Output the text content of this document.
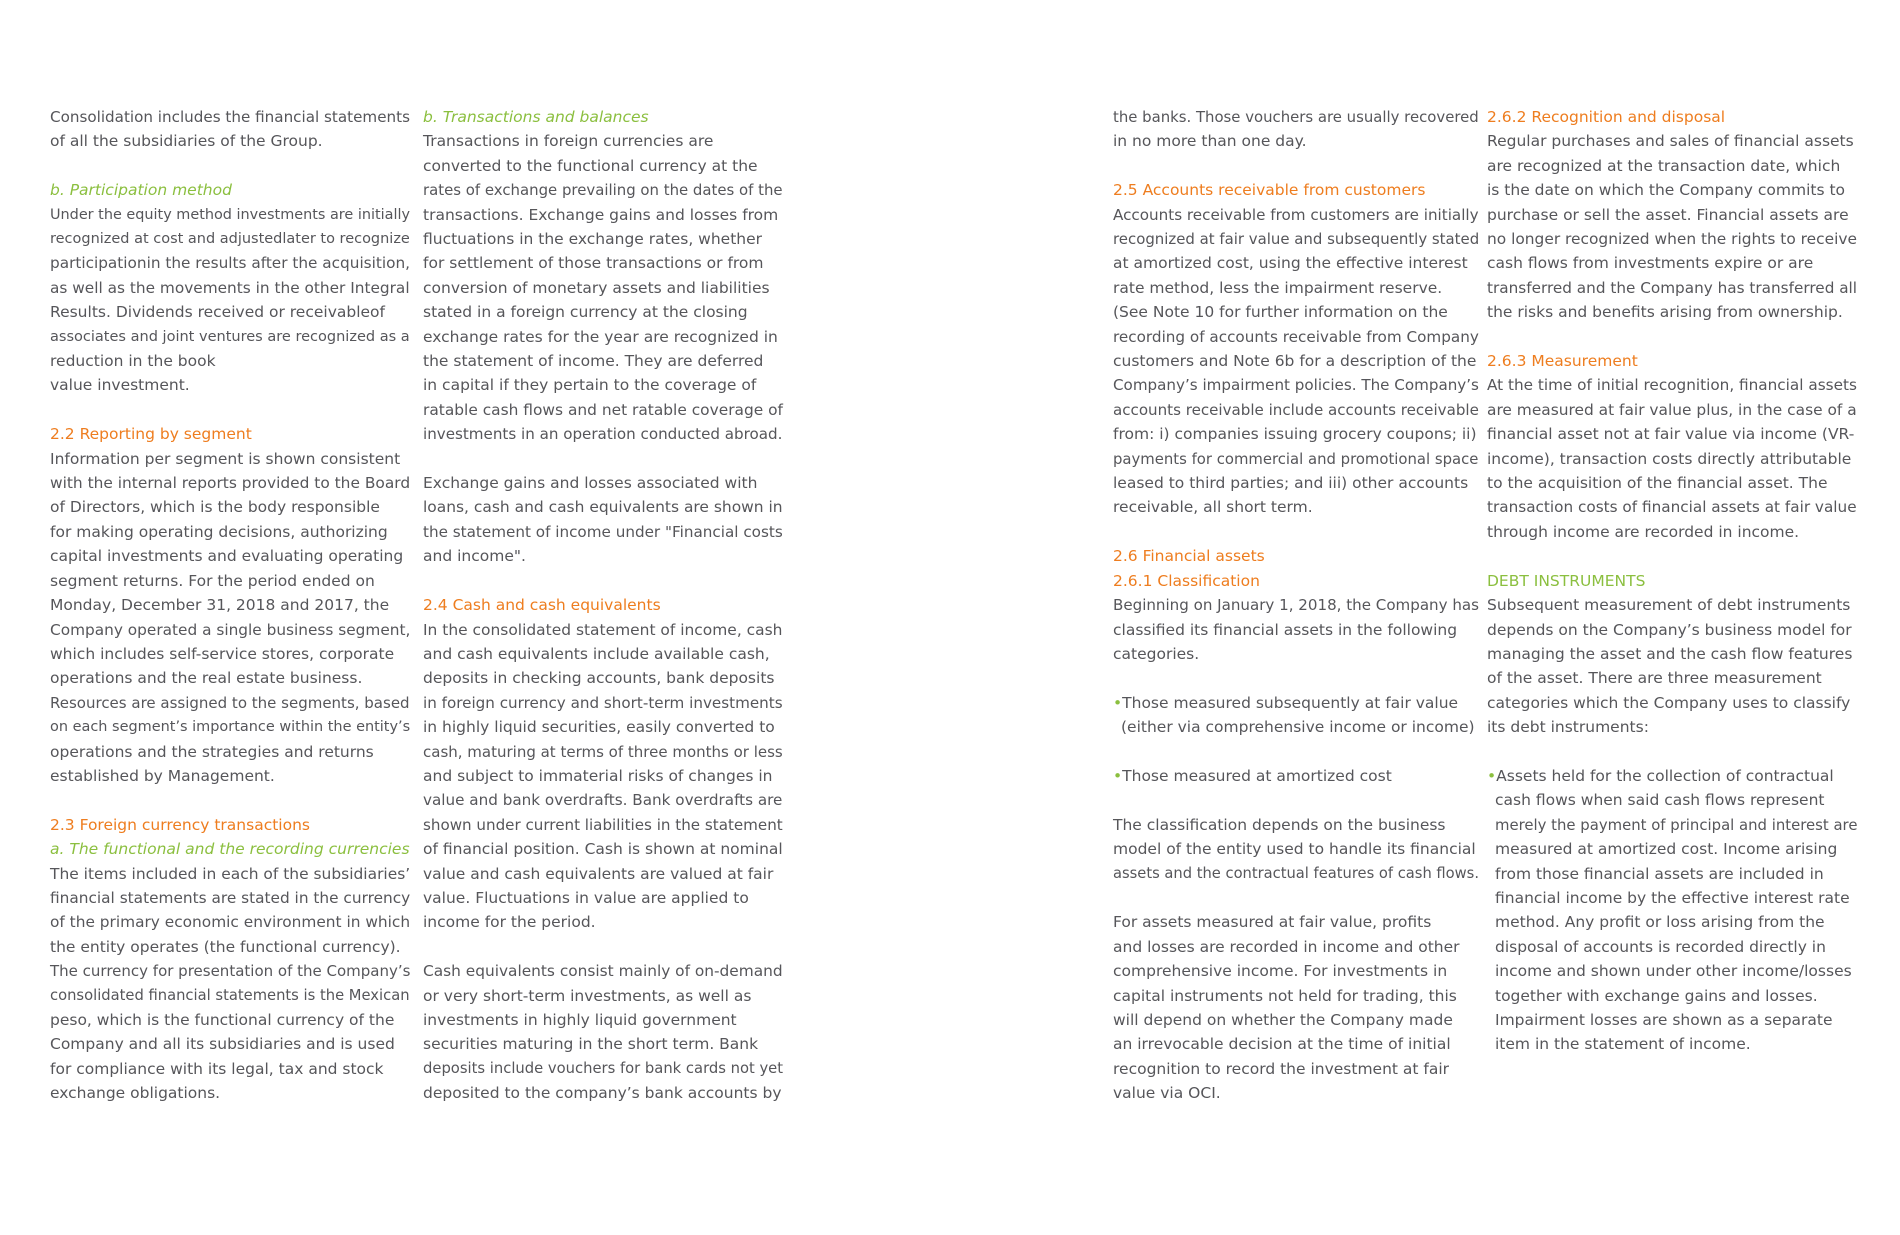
Consolidation includes the financial statements
of all the subsidiaries of the Group.
b. Participation method
Under the equity method investments are initially
recognized at cost and adjustedlater to recognize
participationin the results after the acquisition,
as well as the movements in the other Integral
Results. Dividends received or receivableof
associates and joint ventures are recognized as a
reduction in the book
value investment.
2.2 Reporting by segment
Information per segment is shown consistent
with the internal reports provided to the Board
of Directors, which is the body responsible
for making operating decisions, authorizing
capital investments and evaluating operating
segment returns. For the period ended on
Monday, December 31, 2018 and 2017, the
Company operated a single business segment,
which includes self-service stores, corporate
operations and the real estate business.
Resources are assigned to the segments, based
on each segment’s importance within the entity’s
operations and the strategies and returns
established by Management.
2.3 Foreign currency transactions
a. The functional and the recording currencies
The items included in each of the subsidiaries’
financial statements are stated in the currency
of the primary economic environment in which
the entity operates (the functional currency).
The currency for presentation of the Company’s
consolidated financial statements is the Mexican
peso, which is the functional currency of the
Company and all its subsidiaries and is used
for compliance with its legal, tax and stock
exchange obligations.
b. Transactions and balances
Transactions in foreign currencies are
converted to the functional currency at the
rates of exchange prevailing on the dates of the
transactions. Exchange gains and losses from
fluctuations in the exchange rates, whether
for settlement of those transactions or from
conversion of monetary assets and liabilities
stated in a foreign currency at the closing
exchange rates for the year are recognized in
the statement of income. They are deferred
in capital if they pertain to the coverage of
ratable cash flows and net ratable coverage of
investments in an operation conducted abroad.
Exchange gains and losses associated with
loans, cash and cash equivalents are shown in
the statement of income under "Financial costs
and income".
2.4 Cash and cash equivalents
In the consolidated statement of income, cash
and cash equivalents include available cash,
deposits in checking accounts, bank deposits
in foreign currency and short-term investments
in highly liquid securities, easily converted to
cash, maturing at terms of three months or less
and subject to immaterial risks of changes in
value and bank overdrafts. Bank overdrafts are
shown under current liabilities in the statement
of financial position. Cash is shown at nominal
value and cash equivalents are valued at fair
value. Fluctuations in value are applied to
income for the period.
Cash equivalents consist mainly of on-demand
or very short-term investments, as well as
investments in highly liquid government
securities maturing in the short term. Bank
deposits include vouchers for bank cards not yet
deposited to the company’s bank accounts by
the banks. Those vouchers are usually recovered
in no more than one day.
2.5 Accounts receivable from customers
Accounts receivable from customers are initially
recognized at fair value and subsequently stated
at amortized cost, using the effective interest
rate method, less the impairment reserve.
(See Note 10 for further information on the
recording of accounts receivable from Company
customers and Note 6b for a description of the
Company’s impairment policies. The Company’s
accounts receivable include accounts receivable
from: i) companies issuing grocery coupons; ii)
payments for commercial and promotional space
leased to third parties; and iii) other accounts
receivable, all short term.
2.6 Financial assets
2.6.1 Classification
Beginning on January 1, 2018, the Company has
classified its financial assets in the following
categories.
•Those measured subsequently at fair value
(either via comprehensive income or income)
•Those measured at amortized cost
The classification depends on the business
model of the entity used to handle its financial
assets and the contractual features of cash flows.
For assets measured at fair value, profits
and losses are recorded in income and other
comprehensive income. For investments in
capital instruments not held for trading, this
will depend on whether the Company made
an irrevocable decision at the time of initial
recognition to record the investment at fair
value via OCI.
2.6.2 Recognition and disposal
Regular purchases and sales of financial assets
are recognized at the transaction date, which
is the date on which the Company commits to
purchase or sell the asset. Financial assets are
no longer recognized when the rights to receive
cash flows from investments expire or are
transferred and the Company has transferred all
the risks and benefits arising from ownership.
2.6.3 Measurement
At the time of initial recognition, financial assets
are measured at fair value plus, in the case of a
financial asset not at fair value via income (VR-
income), transaction costs directly attributable
to the acquisition of the financial asset. The
transaction costs of financial assets at fair value
through income are recorded in income.
DEBT INSTRUMENTS
Subsequent measurement of debt instruments
depends on the Company’s business model for
managing the asset and the cash flow features
of the asset. There are three measurement
categories which the Company uses to classify
its debt instruments:
•Assets held for the collection of contractual
cash flows when said cash flows represent
merely the payment of principal and interest are
measured at amortized cost. Income arising
from those financial assets are included in
financial income by the effective interest rate
method. Any profit or loss arising from the
disposal of accounts is recorded directly in
income and shown under other income/losses
together with exchange gains and losses.
Impairment losses are shown as a separate
item in the statement of income.
